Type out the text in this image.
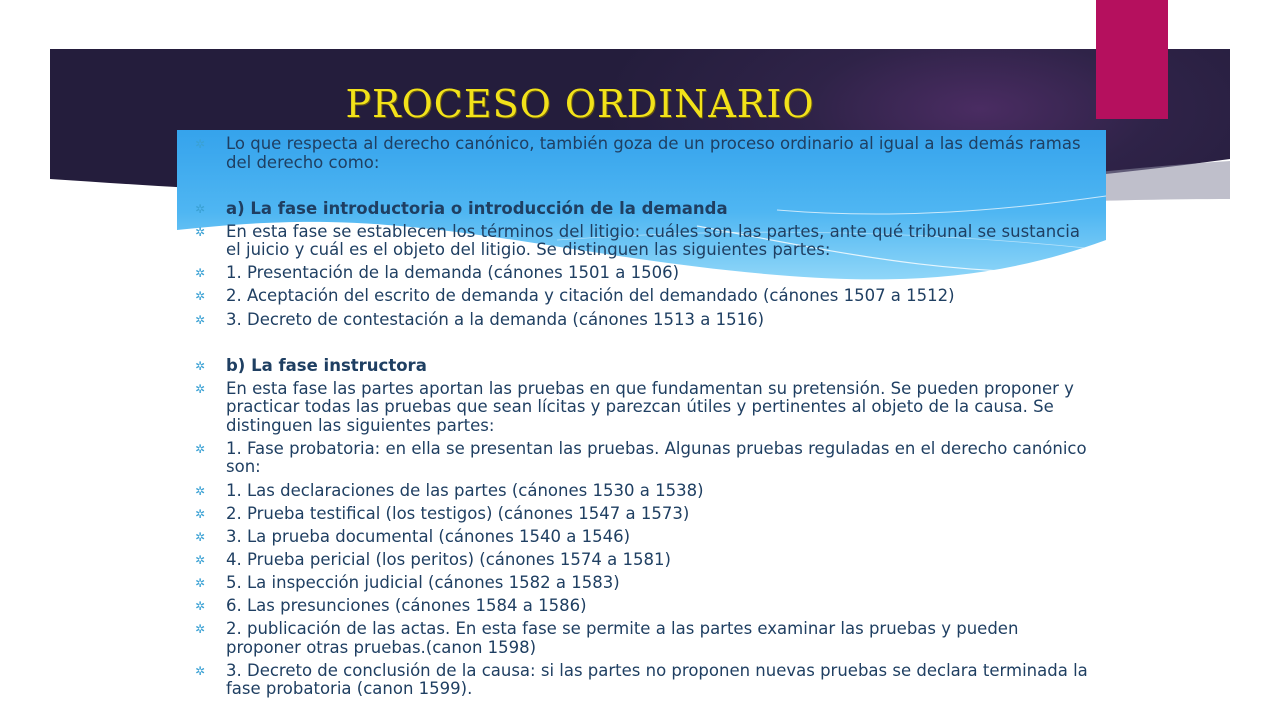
PROCESO ORDINARIO
✲ Lo que respecta al derecho canónico, también goza de un proceso ordinario al igual a las demás ramas del derecho como:
✲ a) La fase introductoria o introducción de la demanda
✲ En esta fase se establecen los términos del litigio: cuáles son las partes, ante qué tribunal se sustancia el juicio y cuál es el objeto del litigio. Se distinguen las siguientes partes:
✲ 1. Presentación de la demanda (cánones 1501 a 1506)
✲ 2. Aceptación del escrito de demanda y citación del demandado (cánones 1507 a 1512)
✲ 3. Decreto de contestación a la demanda (cánones 1513 a 1516)
✲ b) La fase instructora
✲ En esta fase las partes aportan las pruebas en que fundamentan su pretensión. Se pueden proponer y practicar todas las pruebas que sean lícitas y parezcan útiles y pertinentes al objeto de la causa. Se distinguen las siguientes partes:
✲ 1. Fase probatoria: en ella se presentan las pruebas. Algunas pruebas reguladas en el derecho canónico son:
✲ 1. Las declaraciones de las partes (cánones 1530 a 1538)
✲ 2. Prueba testifical (los testigos) (cánones 1547 a 1573)
✲ 3. La prueba documental (cánones 1540 a 1546)
✲ 4. Prueba pericial (los peritos) (cánones 1574 a 1581)
✲ 5. La inspección judicial (cánones 1582 a 1583)
✲ 6. Las presunciones (cánones 1584 a 1586)
✲ 2. publicación de las actas. En esta fase se permite a las partes examinar las pruebas y pueden proponer otras pruebas.(canon 1598)
✲ 3. Decreto de conclusión de la causa: si las partes no proponen nuevas pruebas se declara terminada la fase probatoria (canon 1599).
